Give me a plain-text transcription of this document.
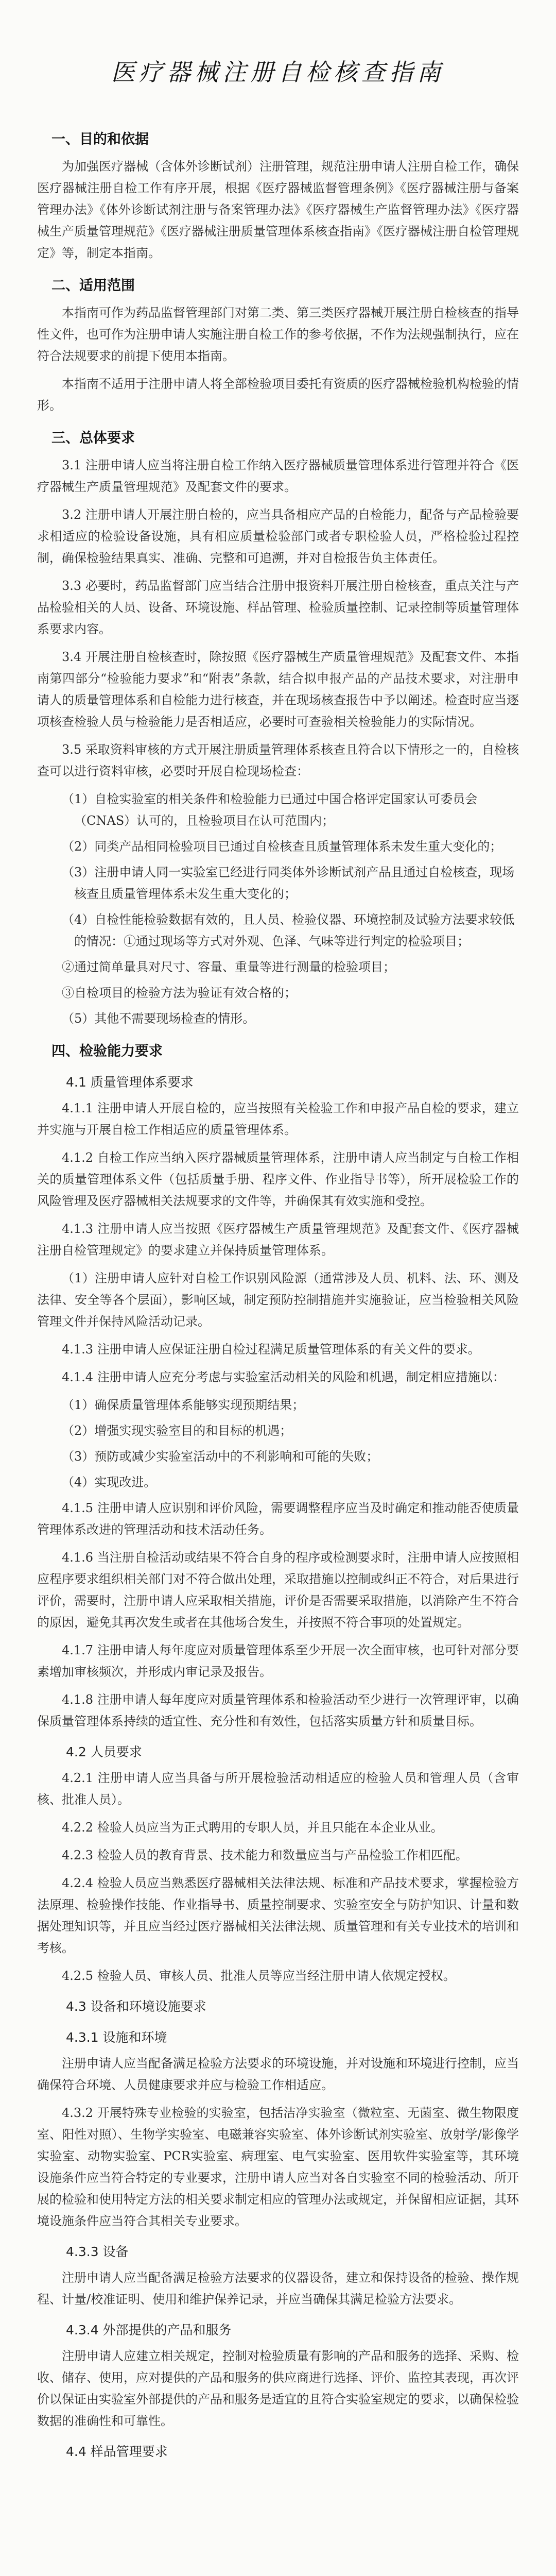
医疗器械注册自检核查指南
一、目的和依据
为加强医疗器械（含体外诊断试剂）注册管理，规范注册申请人注册自检工作，确保医疗器械注册自检工作有序开展，根据《医疗器械监督管理条例》《医疗器械注册与备案管理办法》《体外诊断试剂注册与备案管理办法》《医疗器械生产监督管理办法》《医疗器械生产质量管理规范》《医疗器械注册质量管理体系核查指南》《医疗器械注册自检管理规定》等，制定本指南。
二、适用范围
本指南可作为药品监督管理部门对第二类、第三类医疗器械开展注册自检核查的指导性文件，也可作为注册申请人实施注册自检工作的参考依据，不作为法规强制执行，应在符合法规要求的前提下使用本指南。
本指南不适用于注册申请人将全部检验项目委托有资质的医疗器械检验机构检验的情形。
三、总体要求
3.1 注册申请人应当将注册自检工作纳入医疗器械质量管理体系进行管理并符合《医疗器械生产质量管理规范》及配套文件的要求。
3.2 注册申请人开展注册自检的，应当具备相应产品的自检能力，配备与产品检验要求相适应的检验设备设施，具有相应质量检验部门或者专职检验人员，严格检验过程控制，确保检验结果真实、准确、完整和可追溯，并对自检报告负主体责任。
3.3 必要时，药品监督部门应当结合注册申报资料开展注册自检核查，重点关注与产品检验相关的人员、设备、环境设施、样品管理、检验质量控制、记录控制等质量管理体系要求内容。
3.4 开展注册自检核查时，除按照《医疗器械生产质量管理规范》及配套文件、本指南第四部分“检验能力要求”和“附表”条款，结合拟申报产品的产品技术要求，对注册申请人的质量管理体系和自检能力进行核查，并在现场核查报告中予以阐述。检查时应当逐项核查检验人员与检验能力是否相适应，必要时可查验相关检验能力的实际情况。
3.5 采取资料审核的方式开展注册质量管理体系核查且符合以下情形之一的，自检核查可以进行资料审核，必要时开展自检现场检查：
（1）自检实验室的相关条件和检验能力已通过中国合格评定国家认可委员会（CNAS）认可的，且检验项目在认可范围内；
（2）同类产品相同检验项目已通过自检核查且质量管理体系未发生重大变化的；
（3）注册申请人同一实验室已经进行同类体外诊断试剂产品且通过自检核查，现场核查且质量管理体系未发生重大变化的；
（4）自检性能检验数据有效的，且人员、检验仪器、环境控制及试验方法要求较低的情况：①通过现场等方式对外观、色泽、气味等进行判定的检验项目；
②通过简单量具对尺寸、容量、重量等进行测量的检验项目；
③自检项目的检验方法为验证有效合格的；
（5）其他不需要现场检查的情形。
四、检验能力要求
4.1 质量管理体系要求
4.1.1 注册申请人开展自检的，应当按照有关检验工作和申报产品自检的要求，建立并实施与开展自检工作相适应的质量管理体系。
4.1.2 自检工作应当纳入医疗器械质量管理体系，注册申请人应当制定与自检工作相关的质量管理体系文件（包括质量手册、程序文件、作业指导书等），所开展检验工作的风险管理及医疗器械相关法规要求的文件等，并确保其有效实施和受控。
4.1.3 注册申请人应当按照《医疗器械生产质量管理规范》及配套文件、《医疗器械注册自检管理规定》的要求建立并保持质量管理体系。
（1）注册申请人应针对自检工作识别风险源（通常涉及人员、机料、法、环、测及法律、安全等各个层面），影响区域，制定预防控制措施并实施验证，应当检验相关风险管理文件并保持风险活动记录。
4.1.3 注册申请人应保证注册自检过程满足质量管理体系的有关文件的要求。
4.1.4 注册申请人应充分考虑与实验室活动相关的风险和机遇，制定相应措施以：
（1）确保质量管理体系能够实现预期结果；
（2）增强实现实验室目的和目标的机遇；
（3）预防或减少实验室活动中的不利影响和可能的失败；
（4）实现改进。
4.1.5 注册申请人应识别和评价风险，需要调整程序应当及时确定和推动能否使质量管理体系改进的管理活动和技术活动任务。
4.1.6 当注册自检活动或结果不符合自身的程序或检测要求时，注册申请人应按照相应程序要求组织相关部门对不符合做出处理，采取措施以控制或纠正不符合，对后果进行评价，需要时，注册申请人应采取相关措施，评价是否需要采取措施，以消除产生不符合的原因，避免其再次发生或者在其他场合发生，并按照不符合事项的处置规定。
4.1.7 注册申请人每年度应对质量管理体系至少开展一次全面审核，也可针对部分要素增加审核频次，并形成内审记录及报告。
4.1.8 注册申请人每年度应对质量管理体系和检验活动至少进行一次管理评审，以确保质量管理体系持续的适宜性、充分性和有效性，包括落实质量方针和质量目标。
4.2 人员要求
4.2.1 注册申请人应当具备与所开展检验活动相适应的检验人员和管理人员（含审核、批准人员）。
4.2.2 检验人员应当为正式聘用的专职人员，并且只能在本企业从业。
4.2.3 检验人员的教育背景、技术能力和数量应当与产品检验工作相匹配。
4.2.4 检验人员应当熟悉医疗器械相关法律法规、标准和产品技术要求，掌握检验方法原理、检验操作技能、作业指导书、质量控制要求、实验室安全与防护知识、计量和数据处理知识等，并且应当经过医疗器械相关法律法规、质量管理和有关专业技术的培训和考核。
4.2.5 检验人员、审核人员、批准人员等应当经注册申请人依规定授权。
4.3 设备和环境设施要求
4.3.1 设施和环境
注册申请人应当配备满足检验方法要求的环境设施，并对设施和环境进行控制，应当确保符合环境、人员健康要求并应与检验工作相适应。
4.3.2 开展特殊专业检验的实验室，包括洁净实验室（微粒室、无菌室、微生物限度室、阳性对照）、生物学实验室、电磁兼容实验室、体外诊断试剂实验室、放射学/影像学实验室、动物实验室、PCR实验室、病理室、电气实验室、医用软件实验室等，其环境设施条件应当符合特定的专业要求，注册申请人应当对各自实验室不同的检验活动、所开展的检验和使用特定方法的相关要求制定相应的管理办法或规定，并保留相应证据，其环境设施条件应当符合其相关专业要求。
4.3.3 设备
注册申请人应当配备满足检验方法要求的仪器设备，建立和保持设备的检验、操作规程、计量/校准证明、使用和维护保养记录，并应当确保其满足检验方法要求。
4.3.4 外部提供的产品和服务
注册申请人应建立相关规定，控制对检验质量有影响的产品和服务的选择、采购、检收、储存、使用，应对提供的产品和服务的供应商进行选择、评价、监控其表现，再次评价以保证由实验室外部提供的产品和服务是适宜的且符合实验室规定的要求，以确保检验数据的准确性和可靠性。
4.4 样品管理要求
